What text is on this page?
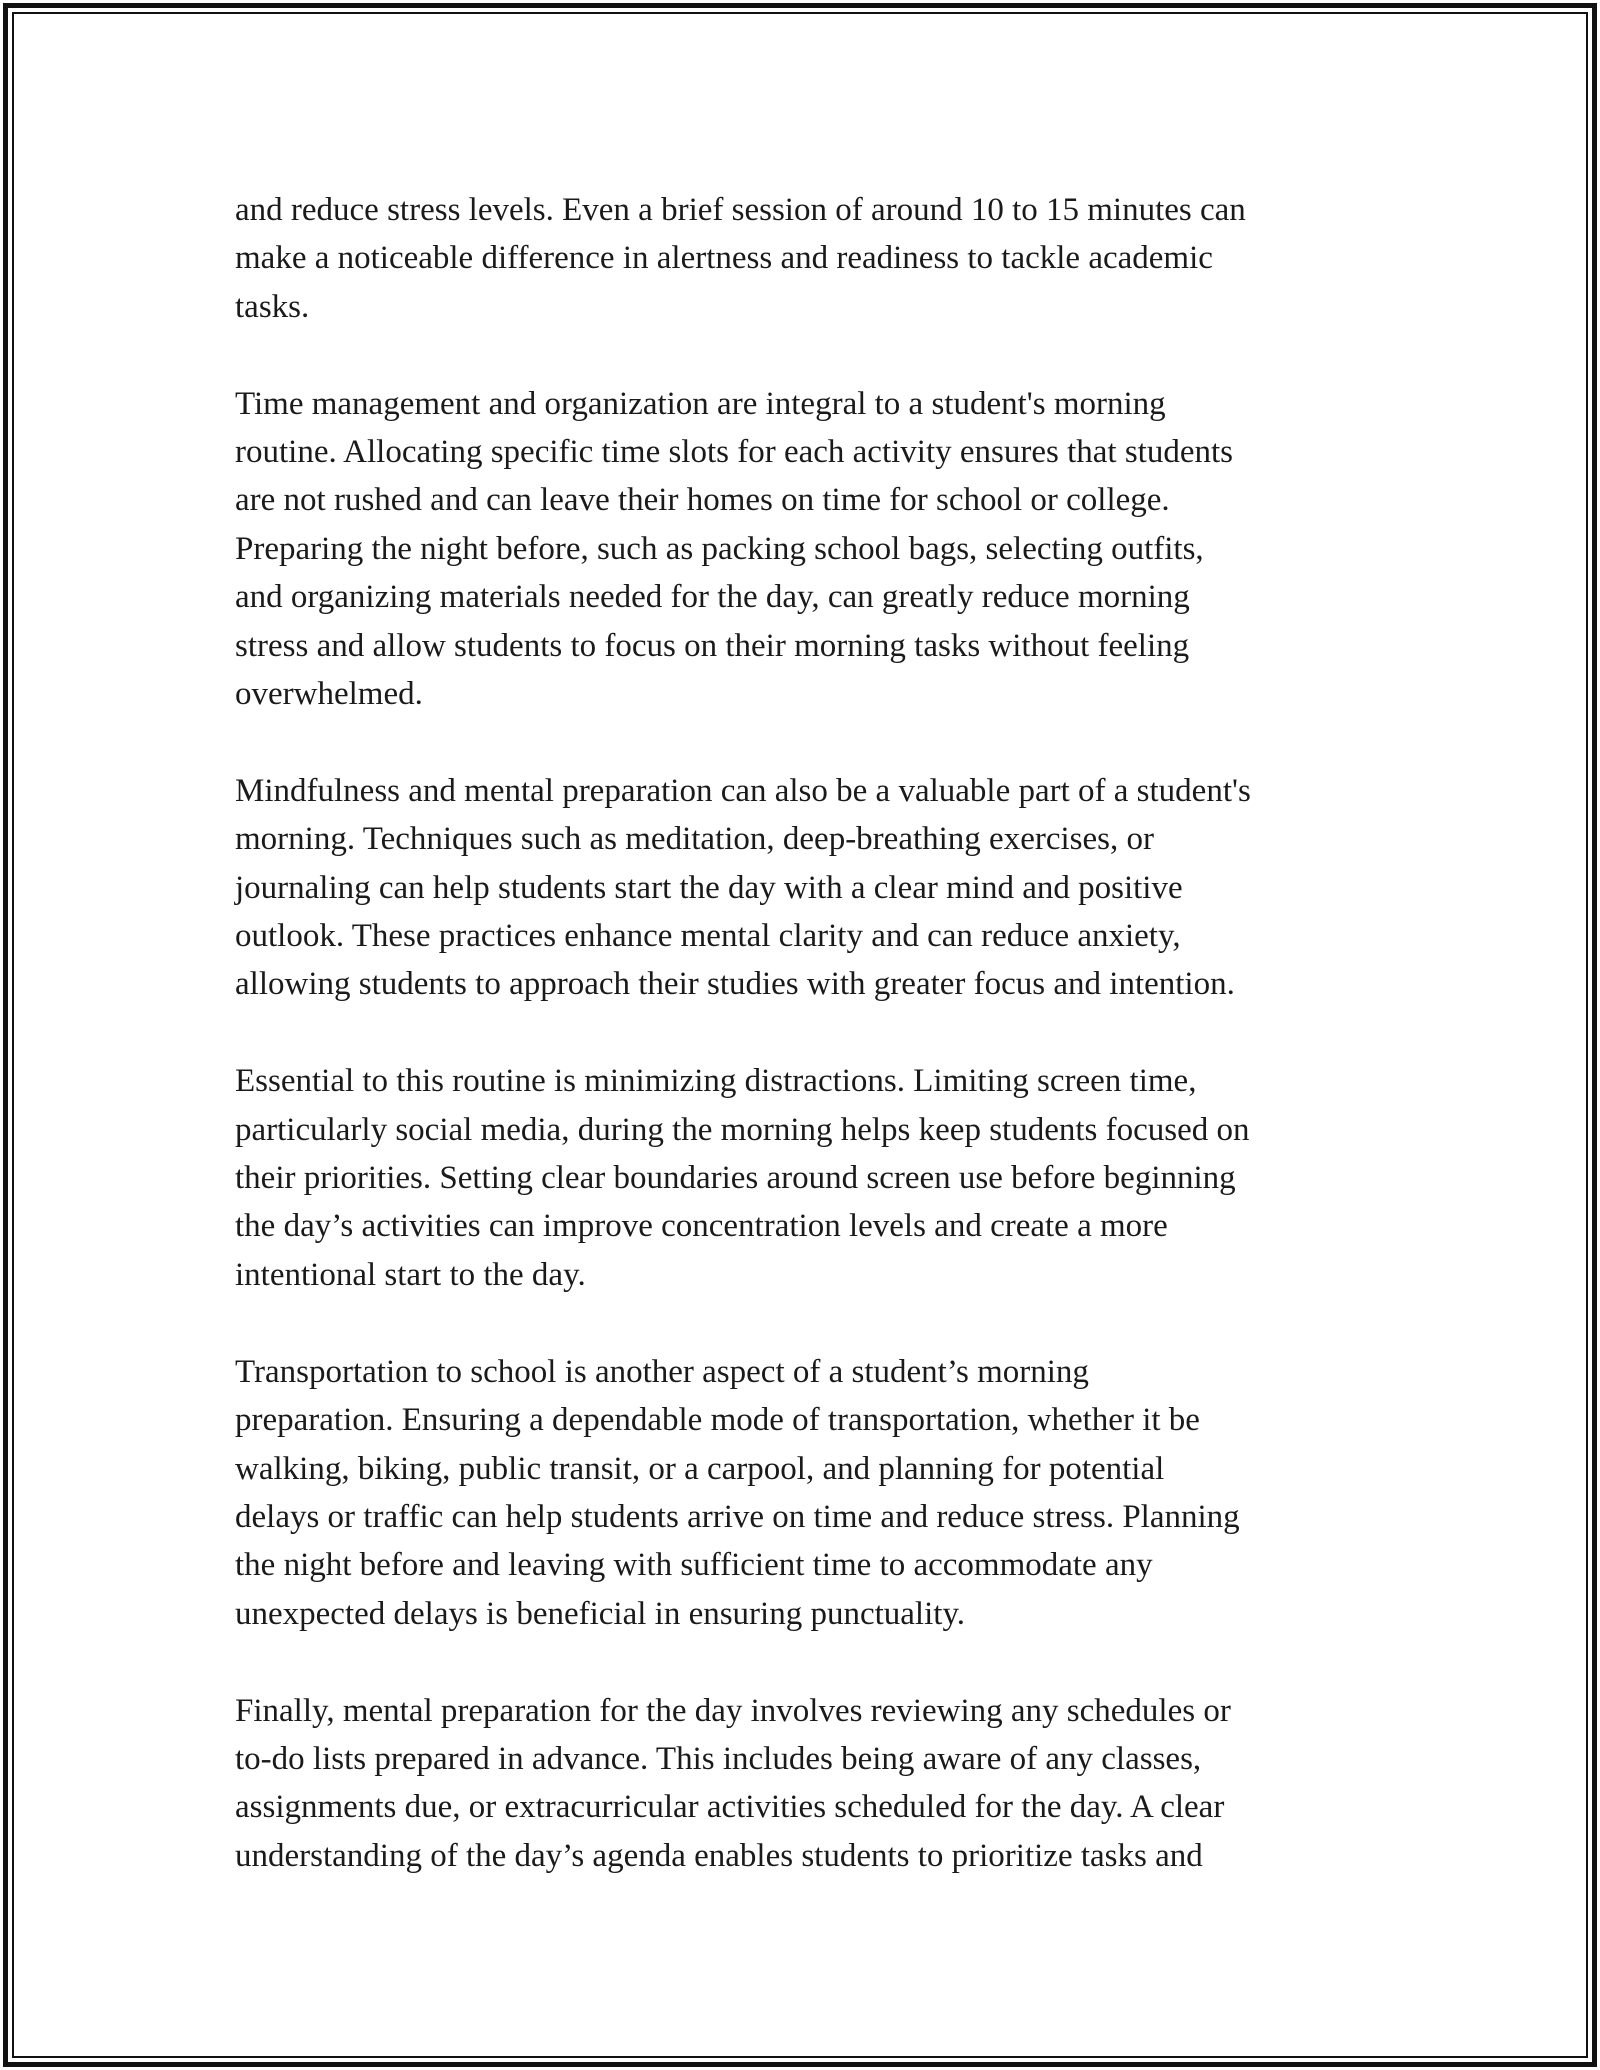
and reduce stress levels. Even a brief session of around 10 to 15 minutes can
make a noticeable difference in alertness and readiness to tackle academic
tasks.

Time management and organization are integral to a student's morning
routine. Allocating specific time slots for each activity ensures that students
are not rushed and can leave their homes on time for school or college.
Preparing the night before, such as packing school bags, selecting outfits,
and organizing materials needed for the day, can greatly reduce morning
stress and allow students to focus on their morning tasks without feeling
overwhelmed.

Mindfulness and mental preparation can also be a valuable part of a student's
morning. Techniques such as meditation, deep-breathing exercises, or
journaling can help students start the day with a clear mind and positive
outlook. These practices enhance mental clarity and can reduce anxiety,
allowing students to approach their studies with greater focus and intention.

Essential to this routine is minimizing distractions. Limiting screen time,
particularly social media, during the morning helps keep students focused on
their priorities. Setting clear boundaries around screen use before beginning
the day’s activities can improve concentration levels and create a more
intentional start to the day.

Transportation to school is another aspect of a student’s morning
preparation. Ensuring a dependable mode of transportation, whether it be
walking, biking, public transit, or a carpool, and planning for potential
delays or traffic can help students arrive on time and reduce stress. Planning
the night before and leaving with sufficient time to accommodate any
unexpected delays is beneficial in ensuring punctuality.

Finally, mental preparation for the day involves reviewing any schedules or
to-do lists prepared in advance. This includes being aware of any classes,
assignments due, or extracurricular activities scheduled for the day. A clear
understanding of the day’s agenda enables students to prioritize tasks and
